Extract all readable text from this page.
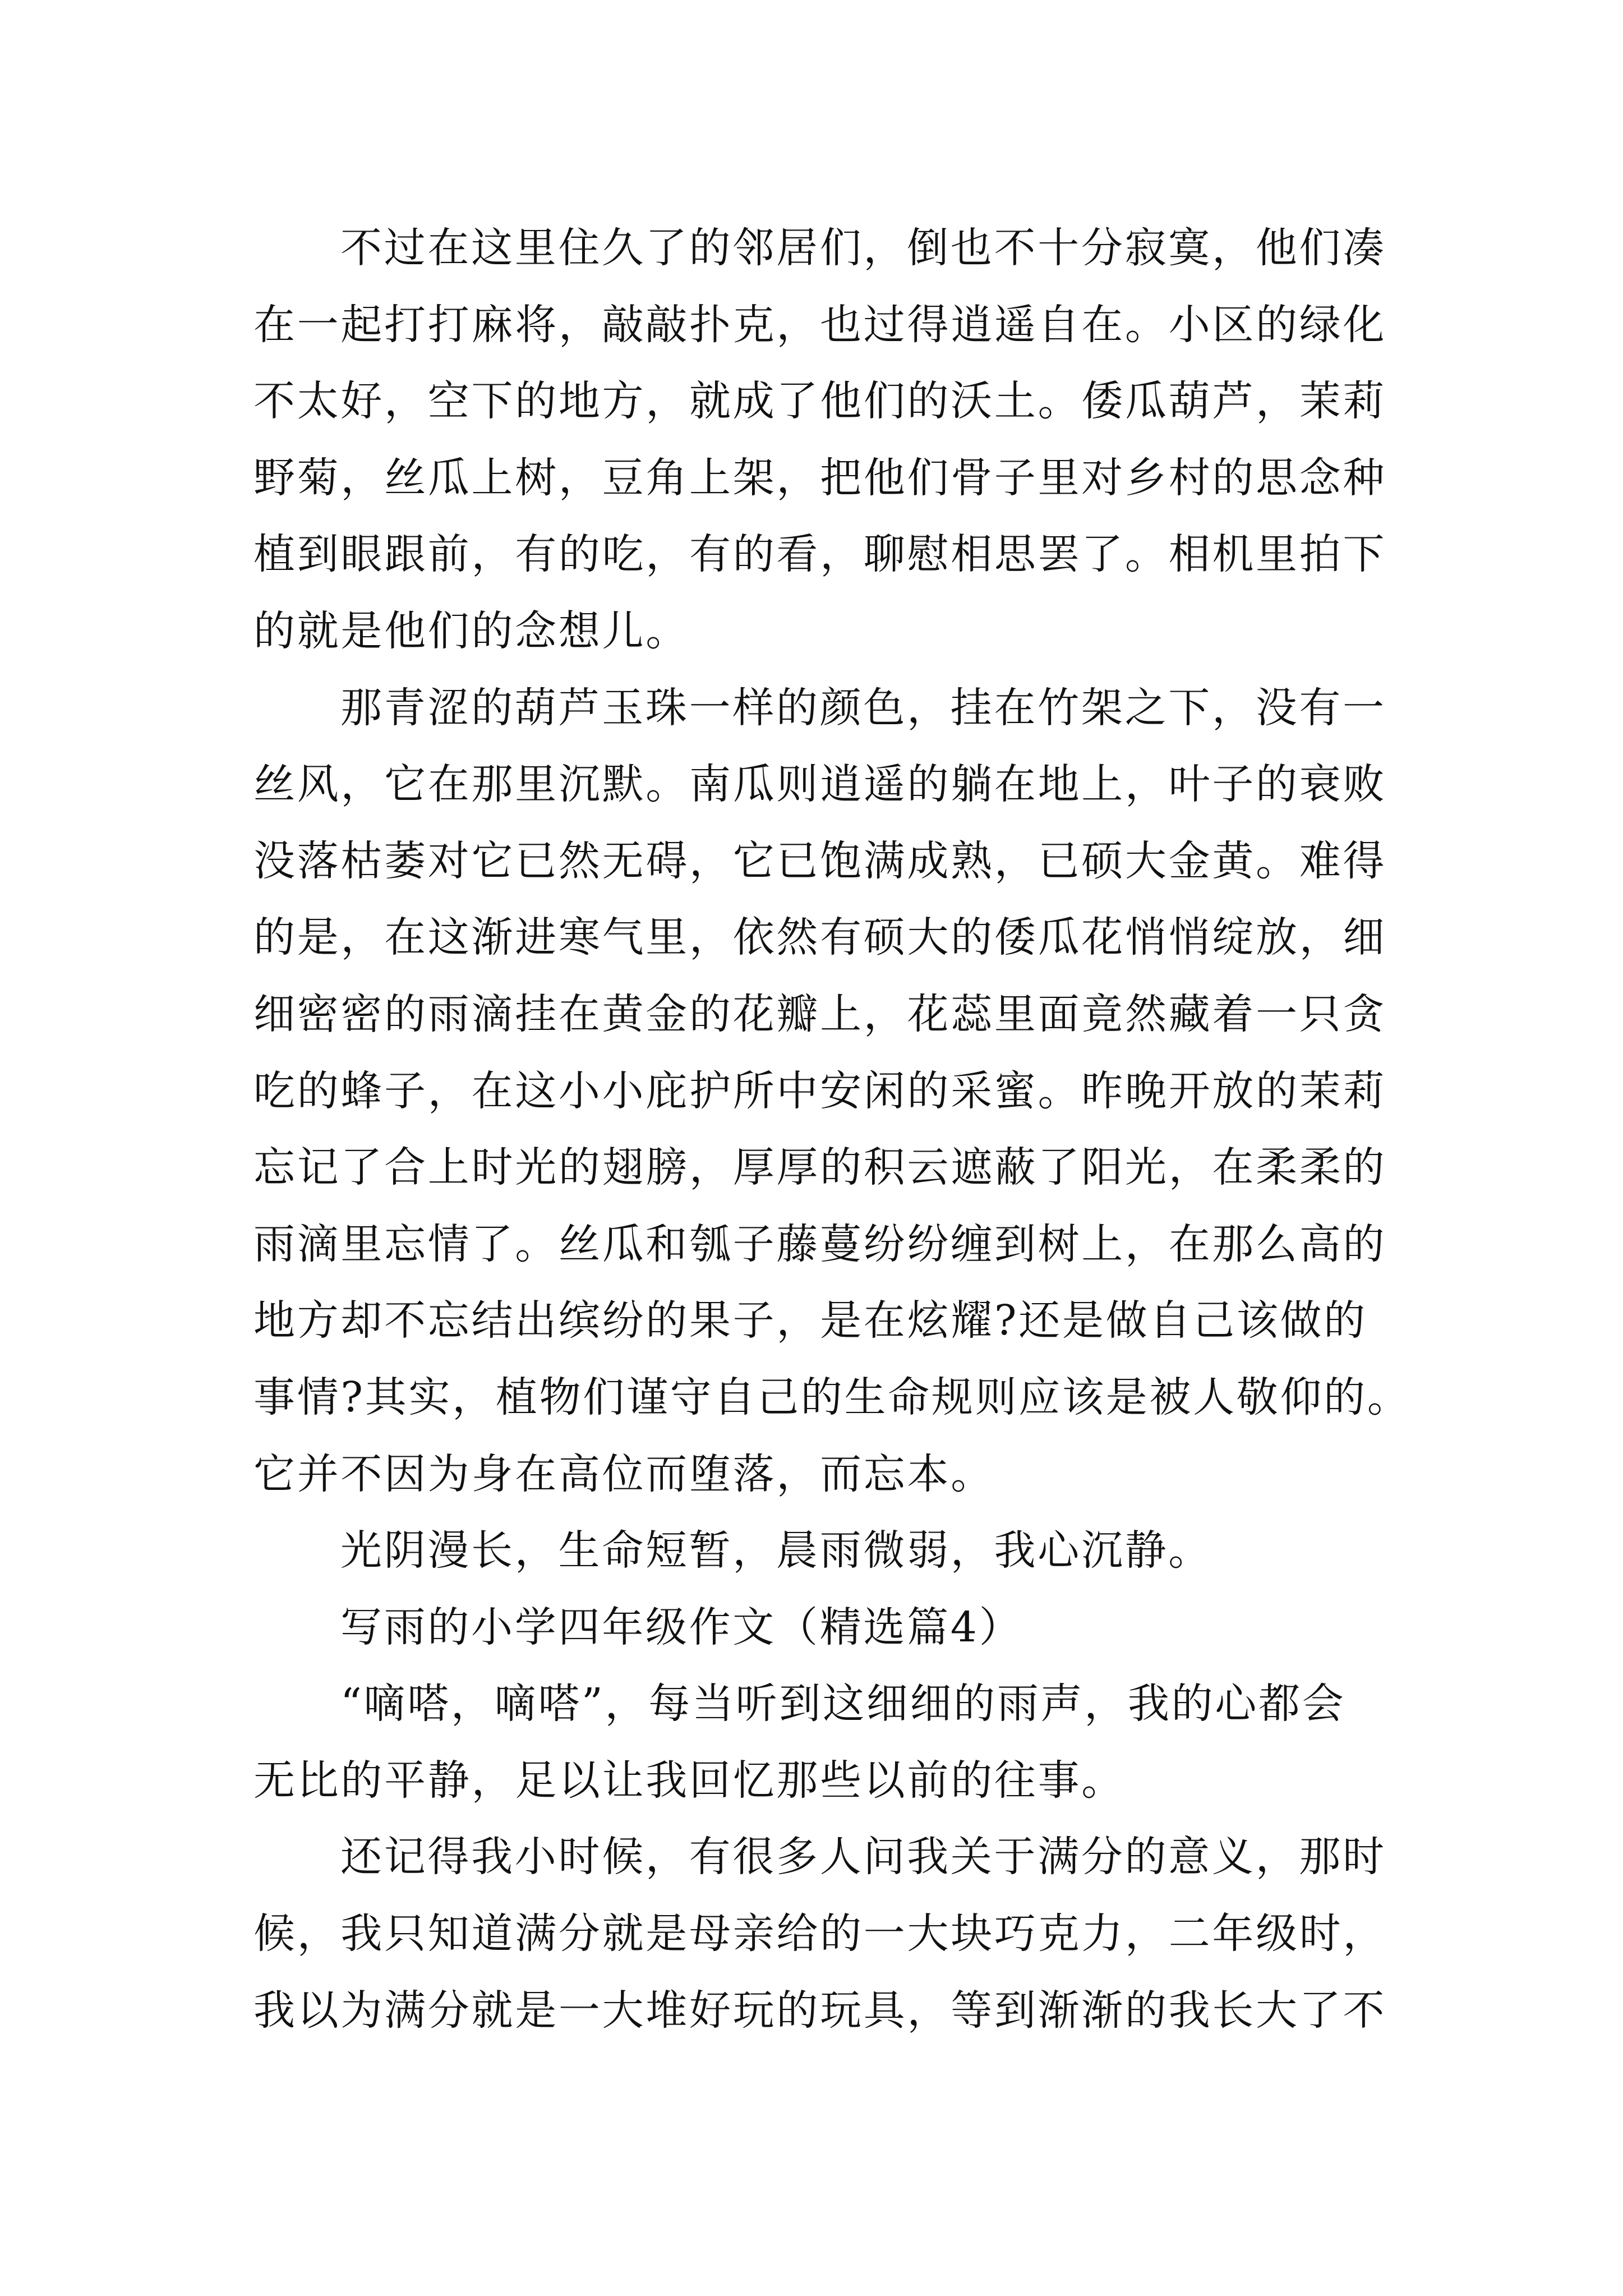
不过在这里住久了的邻居们，倒也不十分寂寞，他们凑
在一起打打麻将，敲敲扑克，也过得逍遥自在。小区的绿化
不太好，空下的地方，就成了他们的沃土。倭瓜葫芦，茉莉
野菊，丝瓜上树，豆角上架，把他们骨子里对乡村的思念种
植到眼跟前，有的吃，有的看，聊慰相思罢了。相机里拍下
的就是他们的念想儿。
那青涩的葫芦玉珠一样的颜色，挂在竹架之下，没有一
丝风，它在那里沉默。南瓜则逍遥的躺在地上，叶子的衰败
没落枯萎对它已然无碍，它已饱满成熟，已硕大金黄。难得
的是，在这渐进寒气里，依然有硕大的倭瓜花悄悄绽放，细
细密密的雨滴挂在黄金的花瓣上，花蕊里面竟然藏着一只贪
吃的蜂子，在这小小庇护所中安闲的采蜜。昨晚开放的茉莉
忘记了合上时光的翅膀，厚厚的积云遮蔽了阳光，在柔柔的
雨滴里忘情了。丝瓜和瓠子藤蔓纷纷缠到树上，在那么高的
地方却不忘结出缤纷的果子，是在炫耀?还是做自己该做的
事情?其实，植物们谨守自己的生命规则应该是被人敬仰的。
它并不因为身在高位而堕落，而忘本。
光阴漫长，生命短暂，晨雨微弱，我心沉静。
写雨的小学四年级作文（精选篇4）
“嘀嗒，嘀嗒”，每当听到这细细的雨声，我的心都会
无比的平静，足以让我回忆那些以前的往事。
还记得我小时候，有很多人问我关于满分的意义，那时
候，我只知道满分就是母亲给的一大块巧克力，二年级时，
我以为满分就是一大堆好玩的玩具，等到渐渐的我长大了不
